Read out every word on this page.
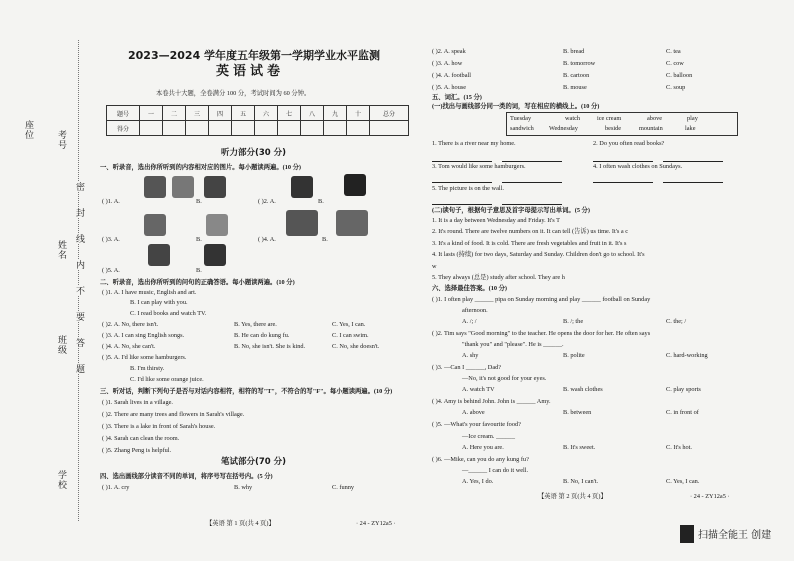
考号
姓名
班级
学校
座位
密
封
线
内
不
要
答
题
2023—2024 学年度五年级第一学期学业水平监测
英语试卷
本卷共十大题，全卷满分 100 分，考试时间为 60 分钟。
题号	一	二	三	四	五	六	七	八	九	十	总分
得分											
听力部分(30 分)
一、听录音，选出你所听到的内容相对应的图片。每小题读两遍。(10 分)
( )1. A.	B.	( )2. A.	B.
( )3. A.	B.	( )4. A.	B.
( )5. A.	B.
二、听录音，选出你所听到的问句的正确答语。每小题读两遍。(10 分)
( )1. A. I have music, English and art.
B. I can play with you.
C. I read books and watch TV.
( )2. A. No, there isn't.	B. Yes, there are.	C. Yes, I can.
( )3. A. I can sing English songs.	B. He can do kung fu.	C. I can swim.
( )4. A. No, she can't.	B. No, she isn't. She is kind.	C. No, she doesn't.
( )5. A. I'd like some hamburgers.
B. I'm thirsty.
C. I'd like some orange juice.
三、听对话，判断下列句子是否与对话内容相符，相符的写"T"，不符合的写"F"。每小题读两遍。(10 分)
( )1. Sarah lives in a village.
( )2. There are many trees and flowers in Sarah's village.
( )3. There is a lake in front of Sarah's house.
( )4. Sarah can clean the room.
( )5. Zhang Peng is helpful.
笔试部分(70 分)
四、选出画线部分读音不同的单词，将序号写在括号内。(5 分)
( )1. A. cry	B. why	C. funny
【英语 第 1 页(共 4 页)】	· 24 - ZY12a5 ·
( )2. A. speak	B. bread	C. tea
( )3. A. how	B. tomorrow	C. cow
( )4. A. football	B. cartoon	C. balloon
( )5. A. house	B. mouse	C. soup
五、词汇。(15 分)
(一)找出与画线部分同一类的词，写在相应的横线上。(10 分)
Tuesday	watch	ice cream	above	play
sandwich Wednesday	beside	mountain	lake
1. There is a river near my home.	2. Do you often read books?
3. Tom would like some hamburgers.	4. I often wash clothes on Sundays.
5. The picture is on the wall.
(二)读句子，根据句子意思及首字母提示写出单词。(5 分)
1. It is a day between Wednesday and Friday. It's T
2. It's round. There are twelve numbers on it. It can tell (告诉) us time. It's a c
3. It's a kind of food. It is cold. There are fresh vegetables and fruit in it. It's s
4. It lasts (持续) for two days, Saturday and Sunday. Children don't go to school. It's
w
5. They always (总是) study after school. They are h
六、选择最佳答案。(10 分)
( )1. I often play ______ pipa on Sunday morning and play ______ football on Sunday
afternoon.
A. /; /	B. /; the	C. the; /
( )2. Tim says "Good morning" to the teacher. He opens the door for her. He often says
"thank you" and "please". He is ______.
A. shy	B. polite	C. hard-working
( )3. —Can I ______, Dad?
—No, it's not good for your eyes.
A. watch TV	B. wash clothes	C. play sports
( )4. Amy is behind John. John is ______ Amy.
A. above	B. between	C. in front of
( )5. —What's your favourite food?
—Ice cream. ______
A. Here you are.	B. It's sweet.	C. It's hot.
( )6. —Mike, can you do any kung fu?
—______ I can do it well.
A. Yes, I do.	B. No, I can't.	C. Yes, I can.
【英语 第 2 页(共 4 页)】	· 24 - ZY12a5 ·
扫描全能王 创建
